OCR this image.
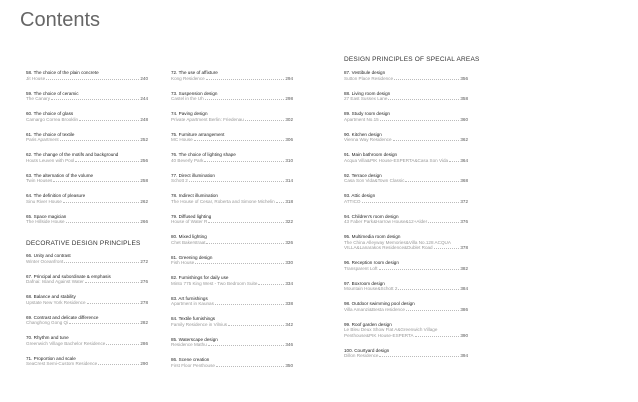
Contents
DESIGN PRINCIPLES OF SPECIAL AREAS
58. The choice of the plain concrete
Jit House	240
59. The choice of ceramic
The Canary	244
60. The choice of glass
Camargo Correa Brooklin	248
61. The choice of textile
Paris Apartment	252
62. The change of the motifs and background
Houts Leuven with Pool	256
63. The alternation of the volume
Twin Houses	258
64. The definition of pleasure
Sinu River House	262
65. Space magician
The Hillside House	266
DECORATIVE DESIGN PRINCIPLES
66. Unity and contrast
Winter Oceanfront	272
67. Principal and subordinate & emphasis
Dafnai: Island Against Water	276
68. Balance and stability
Upstate New York Residence	278
69. Contrast and delicate difference
Changhong Gong Qi	282
70. Rhythm and tune
Greenwich Village Bachelor Residence	286
71. Proportion and scale
SeaCrest Semi-Custom Residence	290
72. The use of affixture
Kong Residence	294
73. Suspension design
Castel in the Uh	298
74. Paving design
Private Apartment Berlin: Friedenau	302
75. Furniture arrangement
MC House	306
76. The choice of lighting shape
40 Beverly Park	310
77. Direct illumination
Schott 2	314
78. Indirect illumination
The House of Cesar, Roberta and Simone Michelin 318
79. Diffused lighting
House of Water R	322
80. Mixed lighting
Chet Bakerstraat	326
81. Greening design
Fish House	330
82. Furnishings for daily use
Minto 775 King West - Two Bedroom Suite	334
83. Art furnishings
Apartment in Kaunas	338
84. Textile furnishings
Family Residence in Vilnius	342
85. Waterscape design
Residence Mathu	346
86. Scene creation
First Floor Penthouse	350
87. Vestibule design
Sutton Place Residence	356
88. Living room design
27 East Sussex Lane	358
89. Study room design
Apartment No.15	360
90. Kitchen design
Vienna Way Residence	362
91. Main bathroom design
Acqua Villa&PIK House-ESPERTA&Casa Son Vida	364
92. Terrace design
Casa Son Vida&Town Classic	368
93. Attic design
ATTICO	372
94. Children's room design
43 Faber Park&Harrow House&12+Alder	376
95. Multimedia room design
The China Alleyway Memories&Villa No.128 ACQUA
VILLA&Lanarakos Residence&Dublet Road	378
96. Reception room design
Transparent Loft	382
97. Boxroom design
Mountain House&Schott 2	384
98. Outdoor swimming pool design
Villa Amanzi&Besta residence	386
99. Roof garden design
Le Bleu Deux Show Flat A&Greenwich Village
Penthouse&PIK House-ESPERTA	390
100. Courtyard design
Dillon Residence	394
